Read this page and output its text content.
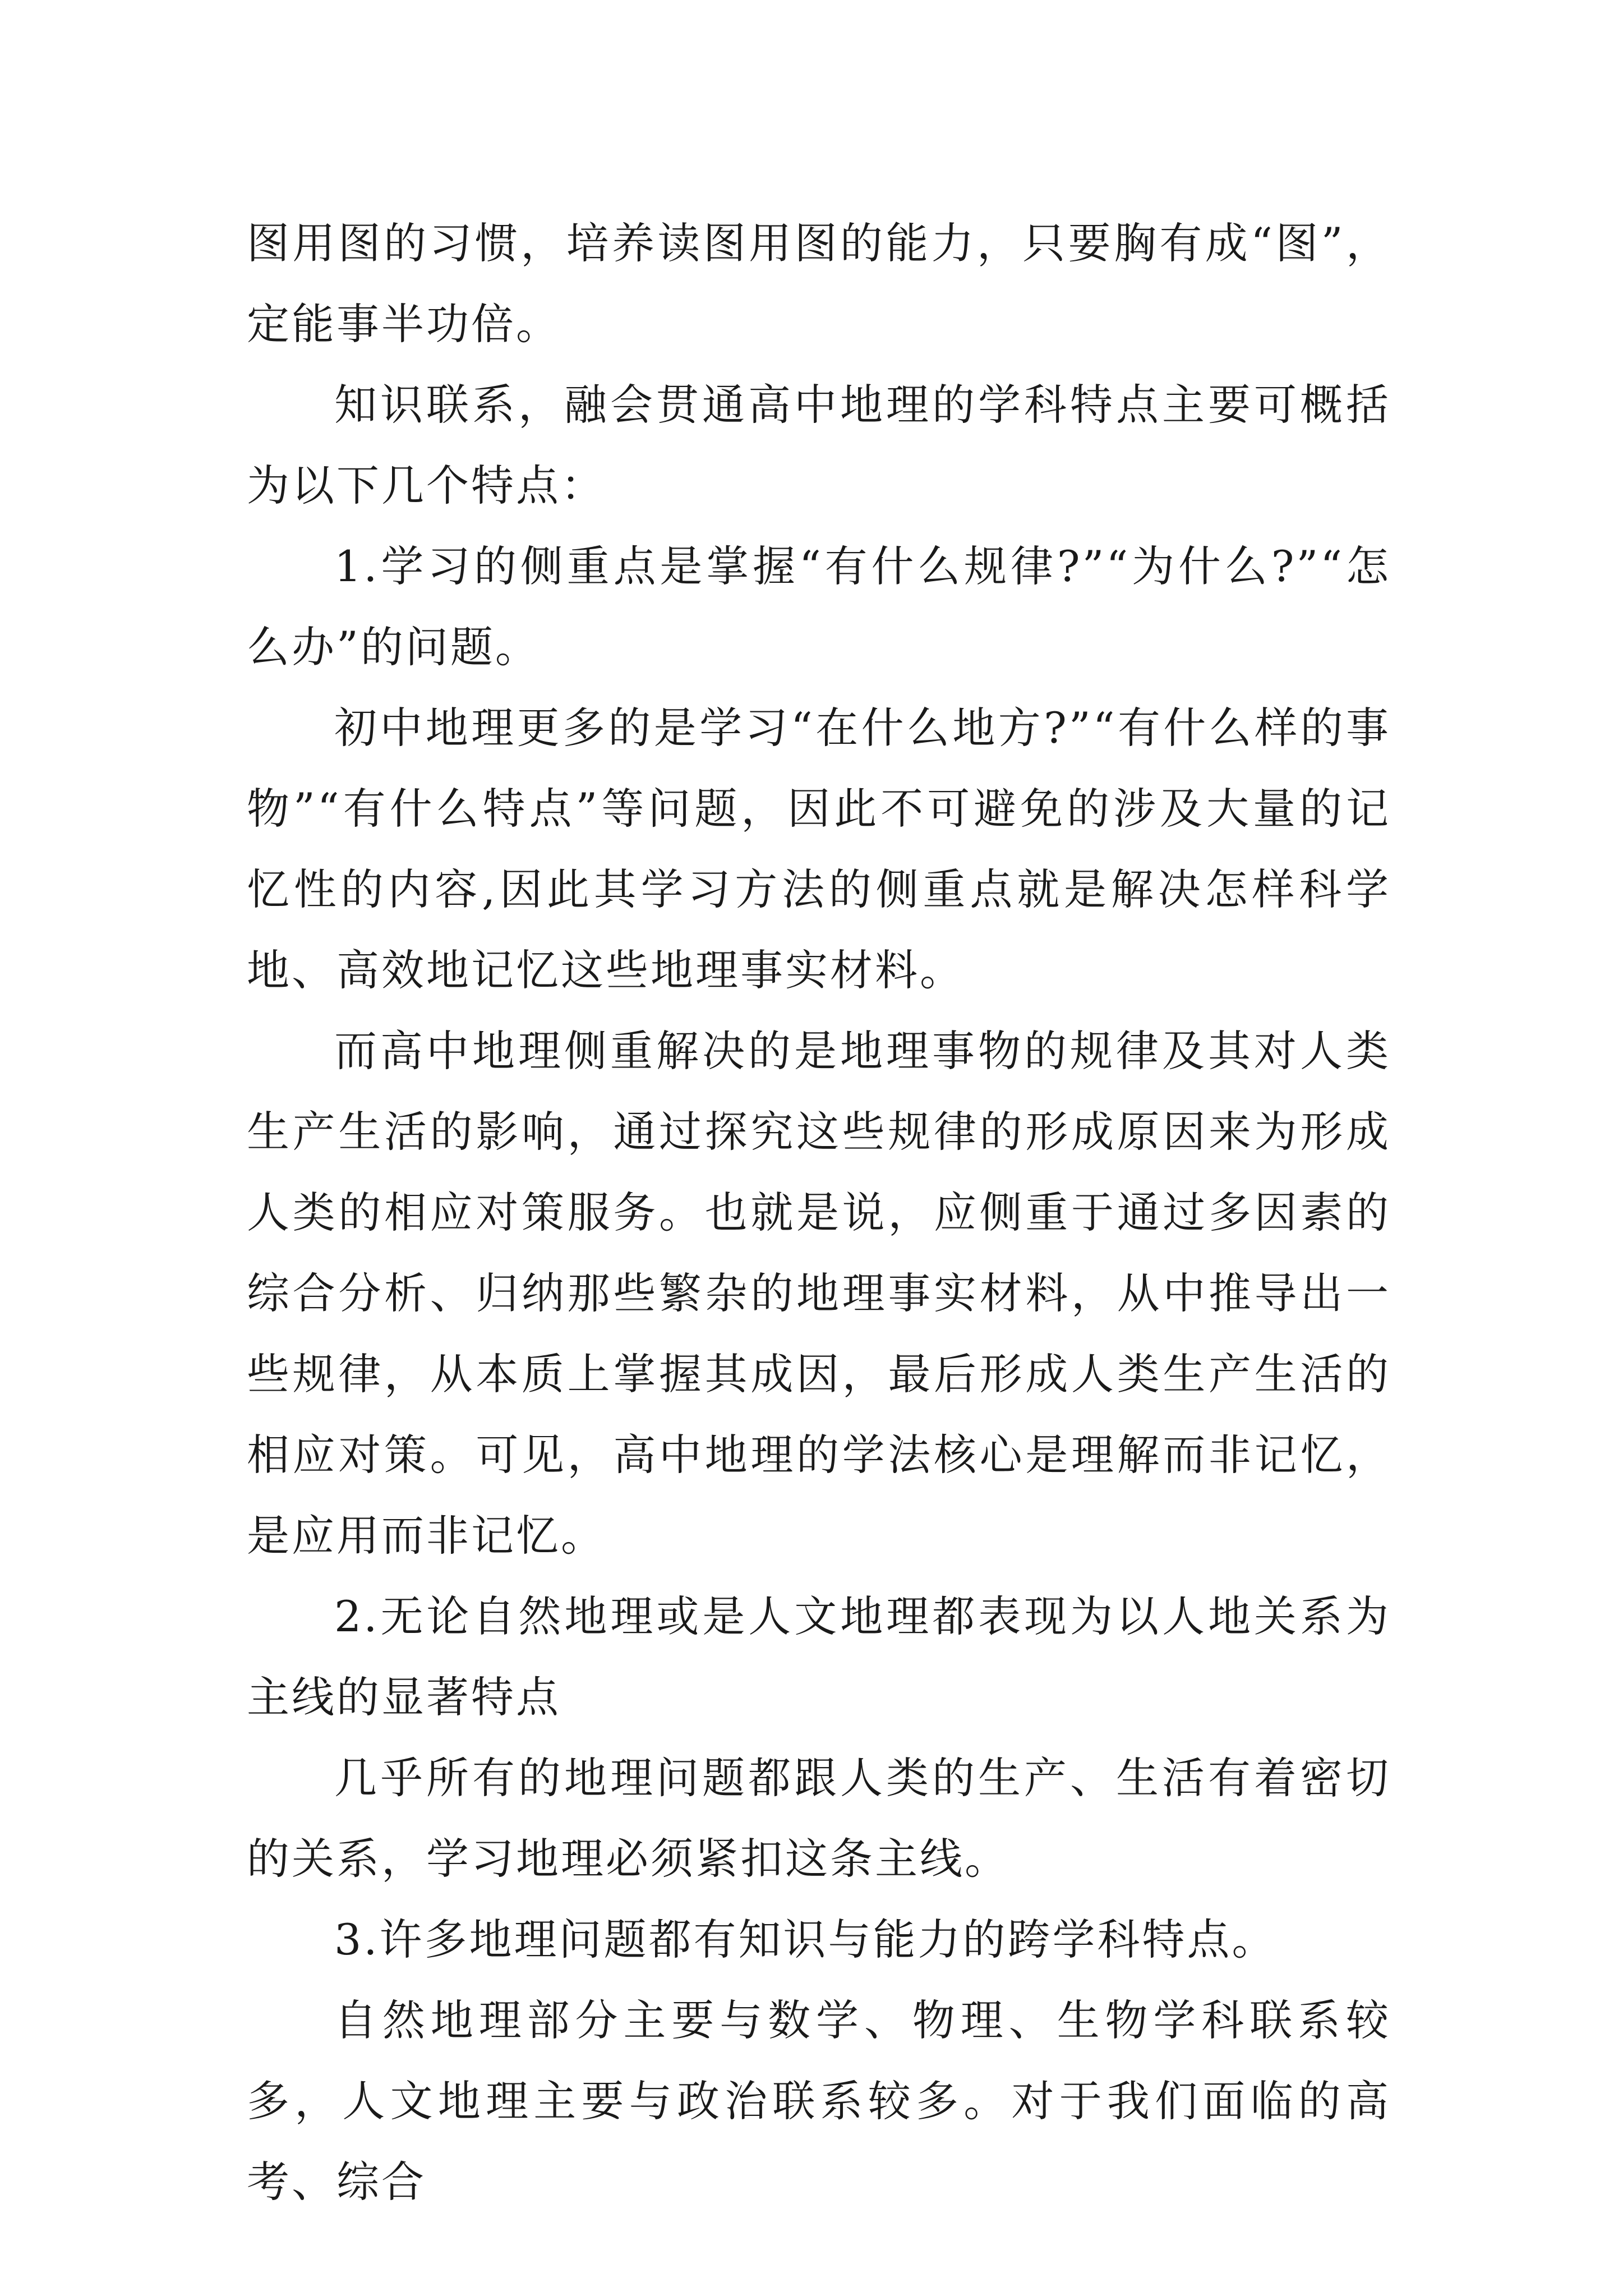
图用图的习惯，培养读图用图的能力，只要胸有成“图”，定能事半功倍。

知识联系，融会贯通高中地理的学科特点主要可概括为以下几个特点：

1.学习的侧重点是掌握“有什么规律?”“为什么?”“怎么办”的问题。

初中地理更多的是学习“在什么地方?”“有什么样的事物”“有什么特点”等问题，因此不可避免的涉及大量的记忆性的内容,因此其学习方法的侧重点就是解决怎样科学地、高效地记忆这些地理事实材料。

而高中地理侧重解决的是地理事物的规律及其对人类生产生活的影响，通过探究这些规律的形成原因来为形成人类的相应对策服务。也就是说，应侧重于通过多因素的综合分析、归纳那些繁杂的地理事实材料，从中推导出一些规律，从本质上掌握其成因，最后形成人类生产生活的相应对策。可见，高中地理的学法核心是理解而非记忆，是应用而非记忆。

2.无论自然地理或是人文地理都表现为以人地关系为主线的显著特点

几乎所有的地理问题都跟人类的生产、生活有着密切的关系，学习地理必须紧扣这条主线。

3.许多地理问题都有知识与能力的跨学科特点。

自然地理部分主要与数学、物理、生物学科联系较多，人文地理主要与政治联系较多。对于我们面临的高考、综合
